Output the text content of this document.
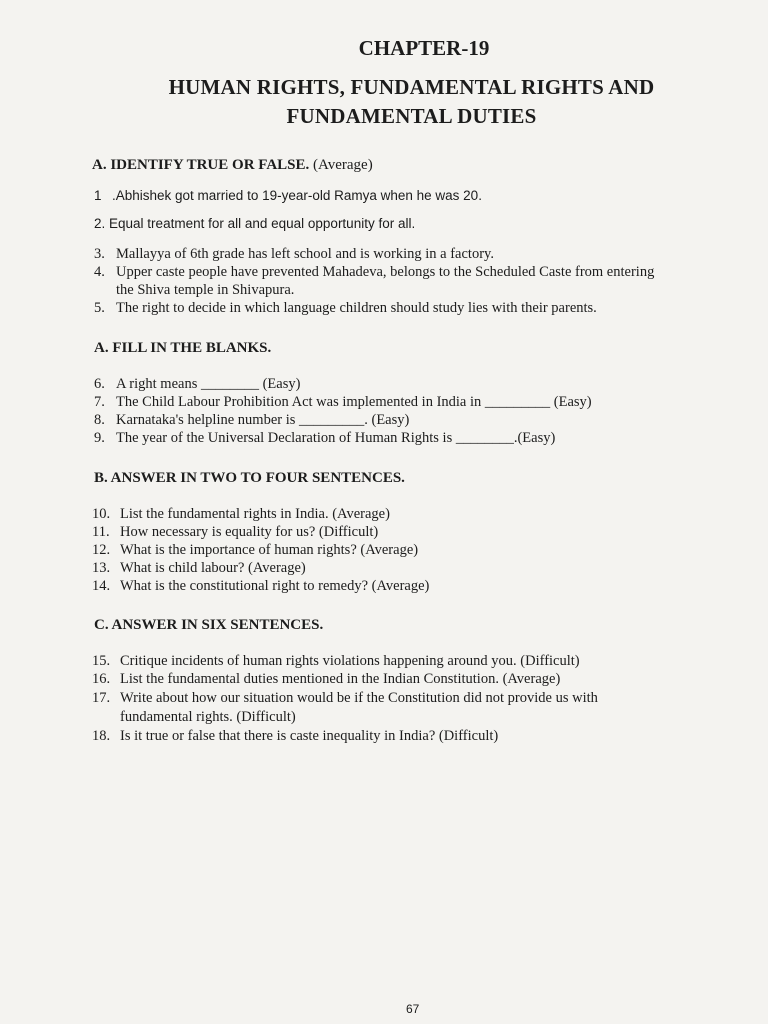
CHAPTER-19
HUMAN RIGHTS, FUNDAMENTAL RIGHTS AND
FUNDAMENTAL DUTIES
A. IDENTIFY TRUE OR FALSE. (Average)
1 .Abhishek got married to 19-year-old Ramya when he was 20.
2. Equal treatment for all and equal opportunity for all.
3. Mallayya of 6th grade has left school and is working in a factory.
4. Upper caste people have prevented Mahadeva, belongs to the Scheduled Caste from entering
the Shiva temple in Shivapura.
5. The right to decide in which language children should study lies with their parents.
A. FILL IN THE BLANKS.
6. A right means ________ (Easy)
7. The Child Labour Prohibition Act was implemented in India in _________ (Easy)
8. Karnataka's helpline number is _________. (Easy)
9. The year of the Universal Declaration of Human Rights is ________.(Easy)
B. ANSWER IN TWO TO FOUR SENTENCES.
10. List the fundamental rights in India. (Average)
11. How necessary is equality for us? (Difficult)
12. What is the importance of human rights? (Average)
13. What is child labour? (Average)
14. What is the constitutional right to remedy? (Average)
C. ANSWER IN SIX SENTENCES.
15. Critique incidents of human rights violations happening around you. (Difficult)
16. List the fundamental duties mentioned in the Indian Constitution. (Average)
17. Write about how our situation would be if the Constitution did not provide us with
fundamental rights. (Difficult)
18. Is it true or false that there is caste inequality in India? (Difficult)
67
